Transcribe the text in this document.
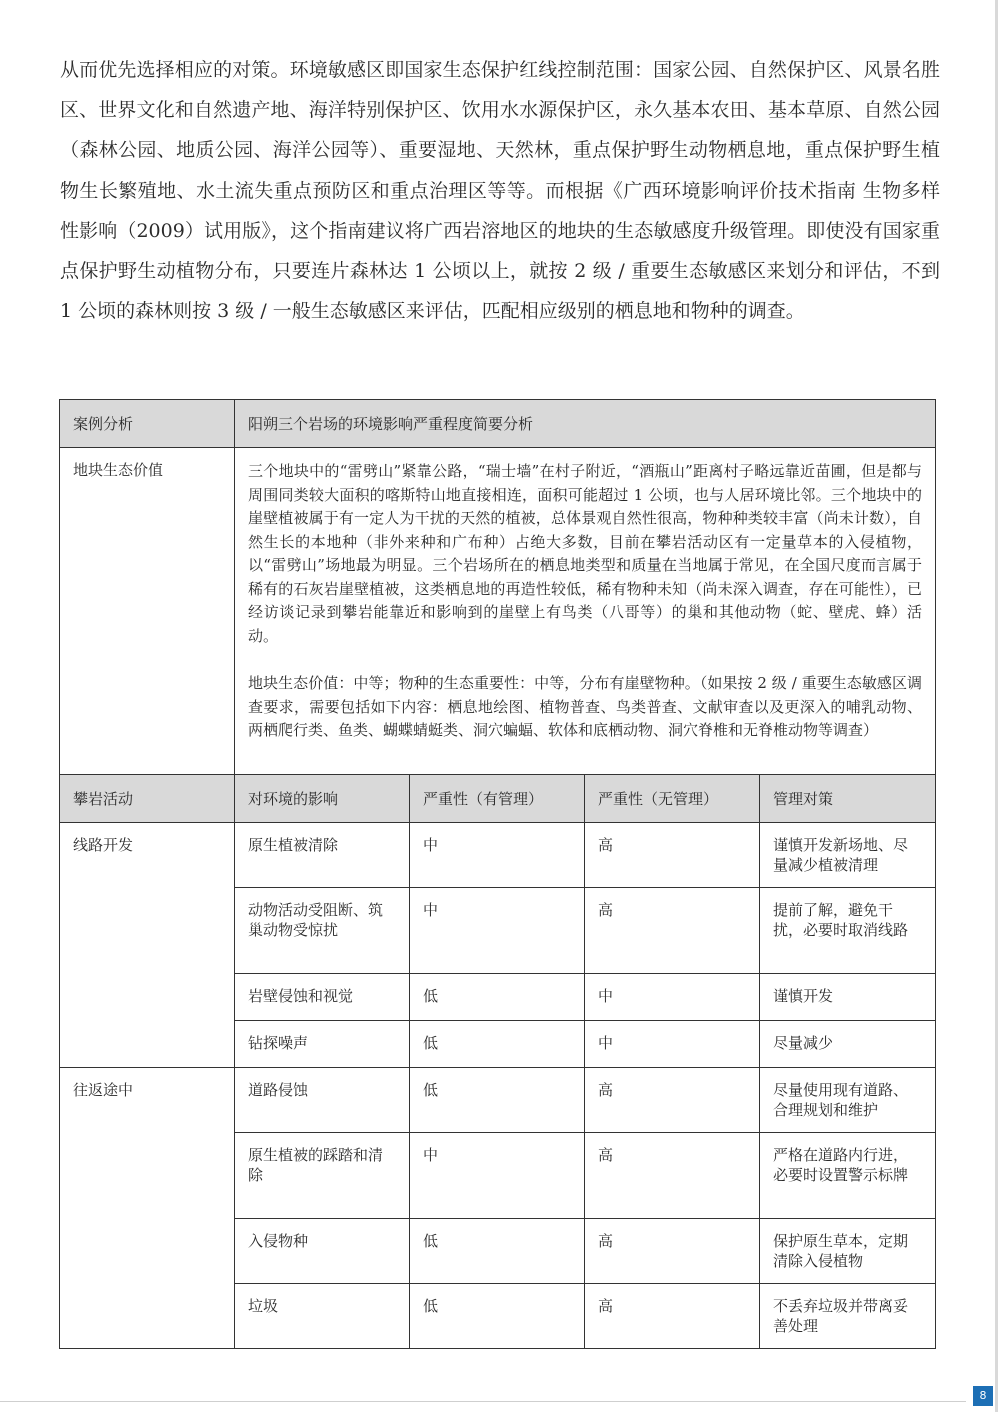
从而优先选择相应的对策。环境敏感区即国家生态保护红线控制范围：国家公园、自然保护区、风景名胜区、世界文化和自然遗产地、海洋特别保护区、饮用水水源保护区，永久基本农田、基本草原、自然公园（森林公园、地质公园、海洋公园等）、重要湿地、天然林，重点保护野生动物栖息地，重点保护野生植物生长繁殖地、水土流失重点预防区和重点治理区等等。而根据《广西环境影响评价技术指南 生物多样性影响（2009）试用版》，这个指南建议将广西岩溶地区的地块的生态敏感度升级管理。即使没有国家重点保护野生动植物分布，只要连片森林达 1 公顷以上，就按 2 级 / 重要生态敏感区来划分和评估，不到 1 公顷的森林则按 3 级 / 一般生态敏感区来评估，匹配相应级别的栖息地和物种的调查。

案例分析	阳朔三个岩场的环境影响严重程度简要分析			
地块生态价值	三个地块中的“雷劈山”紧靠公路，“瑞士墙”在村子附近，“酒瓶山”距离村子略远靠近苗圃，但是都与周围同类较大面积的喀斯特山地直接相连，面积可能超过 1 公顷，也与人居环境比邻。三个地块中的崖壁植被属于有一定人为干扰的天然的植被，总体景观自然性很高，物种种类较丰富（尚未计数），自然生长的本地种（非外来种和广布种）占绝大多数，目前在攀岩活动区有一定量草本的入侵植物，以“雷劈山”场地最为明显。三个岩场所在的栖息地类型和质量在当地属于常见，在全国尺度而言属于稀有的石灰岩崖壁植被，这类栖息地的再造性较低，稀有物种未知（尚未深入调查，存在可能性），已经访谈记录到攀岩能靠近和影响到的崖壁上有鸟类（八哥等）的巢和其他动物（蛇、壁虎、蜂）活动。
地块生态价值：中等；物种的生态重要性：中等，分布有崖壁物种。（如果按 2 级 / 重要生态敏感区调查要求，需要包括如下内容：栖息地绘图、植物普查、鸟类普查、文献审查以及更深入的哺乳动物、两栖爬行类、鱼类、蝴蝶蜻蜓类、洞穴蝙蝠、软体和底栖动物、洞穴脊椎和无脊椎动物等调查）			

攀岩活动	对环境的影响	严重性（有管理）	严重性（无管理）	管理对策
线路开发	原生植被清除	中	高	谨慎开发新场地、尽量减少植被清理
	动物活动受阻断、筑巢动物受惊扰	中	高	提前了解，避免干扰，必要时取消线路
	岩壁侵蚀和视觉	低	中	谨慎开发
	钻探噪声	低	中	尽量减少
往返途中	道路侵蚀	低	高	尽量使用现有道路、合理规划和维护
	原生植被的踩踏和清除	中	高	严格在道路内行进，必要时设置警示标牌
	入侵物种	低	高	保护原生草本，定期清除入侵植物
	垃圾	低	高	不丢弃垃圾并带离妥善处理
8
